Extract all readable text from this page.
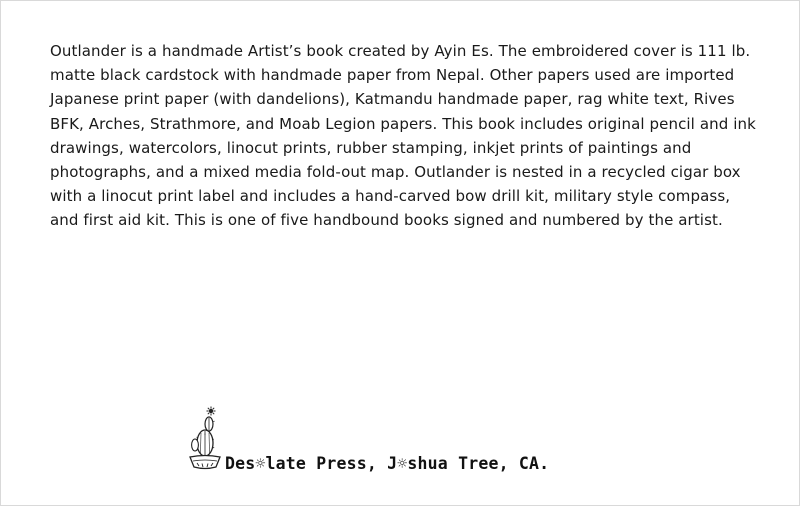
Outlander is a handmade Artist’s book created by Ayin Es. The embroidered cover is 111 lb. matte black cardstock with handmade paper from Nepal. Other papers used are imported Japanese print paper (with dandelions), Katmandu handmade paper, rag white text, Rives BFK, Arches, Strathmore, and Moab Legion papers. This book includes original pencil and ink drawings, watercolors, linocut prints, rubber stamping, inkjet prints of paintings and photographs, and a mixed media fold-out map. Outlander is nested in a recycled cigar box with a linocut print label and includes a hand-carved bow drill kit, military style compass, and first aid kit. This is one of five handbound books signed and numbered by the artist.

Des☼late Press, J☼shua Tree, CA.
